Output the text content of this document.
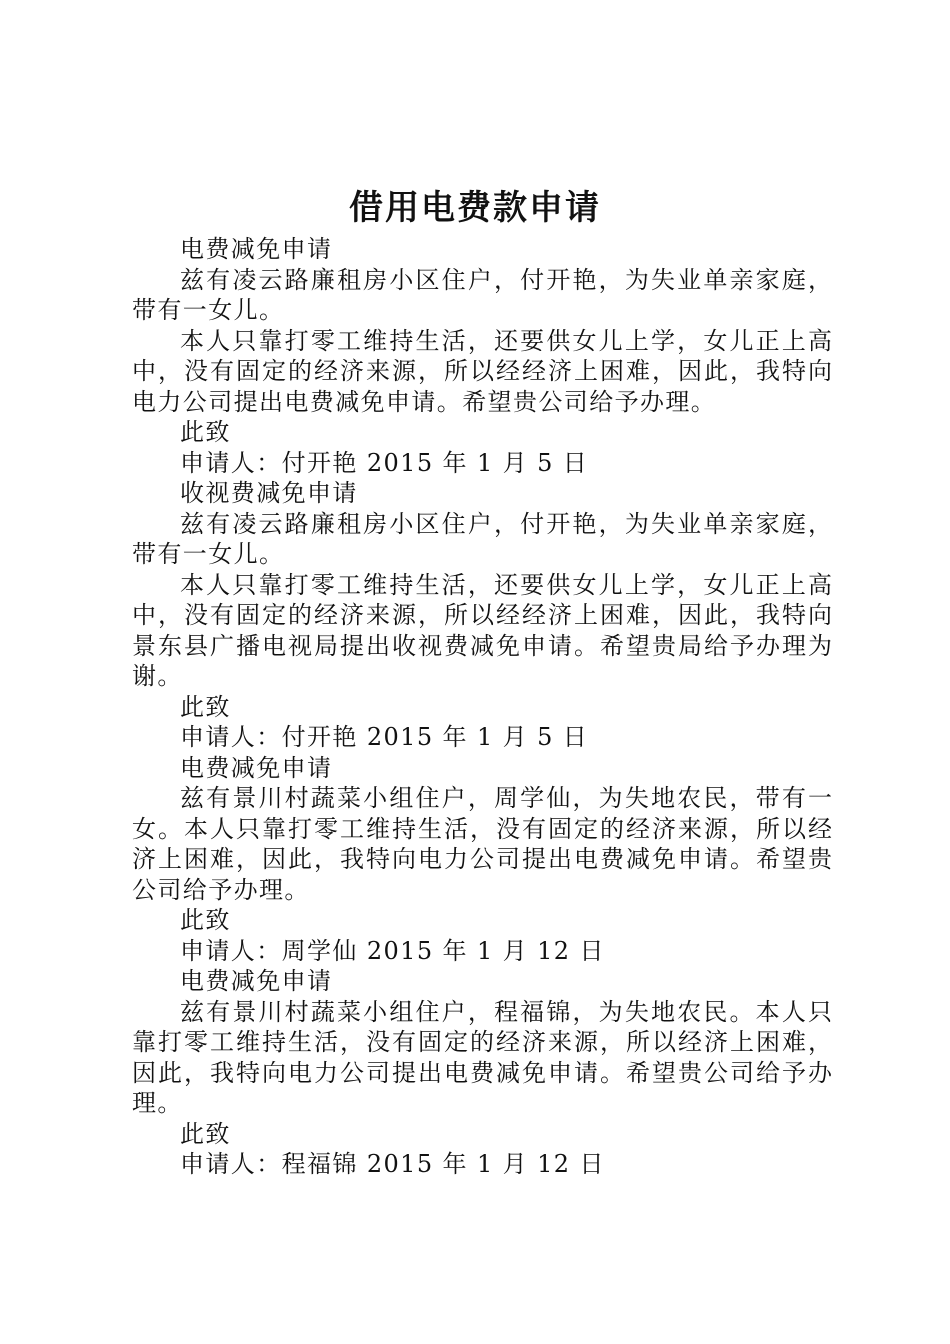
借用电费款申请
电费减免申请
兹有凌云路廉租房小区住户，付开艳，为失业单亲家庭，
带有一女儿。
本人只靠打零工维持生活，还要供女儿上学，女儿正上高
中，没有固定的经济来源，所以经经济上困难，因此，我特向
电力公司提出电费减免申请。希望贵公司给予办理。
此致
申请人：付开艳 2015 年 1 月 5 日
收视费减免申请
兹有凌云路廉租房小区住户，付开艳，为失业单亲家庭，
带有一女儿。
本人只靠打零工维持生活，还要供女儿上学，女儿正上高
中，没有固定的经济来源，所以经经济上困难，因此，我特向
景东县广播电视局提出收视费减免申请。希望贵局给予办理为
谢。
此致
申请人：付开艳 2015 年 1 月 5 日
电费减免申请
兹有景川村蔬菜小组住户，周学仙，为失地农民，带有一
女。本人只靠打零工维持生活，没有固定的经济来源，所以经
济上困难，因此，我特向电力公司提出电费减免申请。希望贵
公司给予办理。
此致
申请人：周学仙 2015 年 1 月 12 日
电费减免申请
兹有景川村蔬菜小组住户，程福锦，为失地农民。本人只
靠打零工维持生活，没有固定的经济来源，所以经济上困难，
因此，我特向电力公司提出电费减免申请。希望贵公司给予办
理。
此致
申请人：程福锦 2015 年 1 月 12 日
